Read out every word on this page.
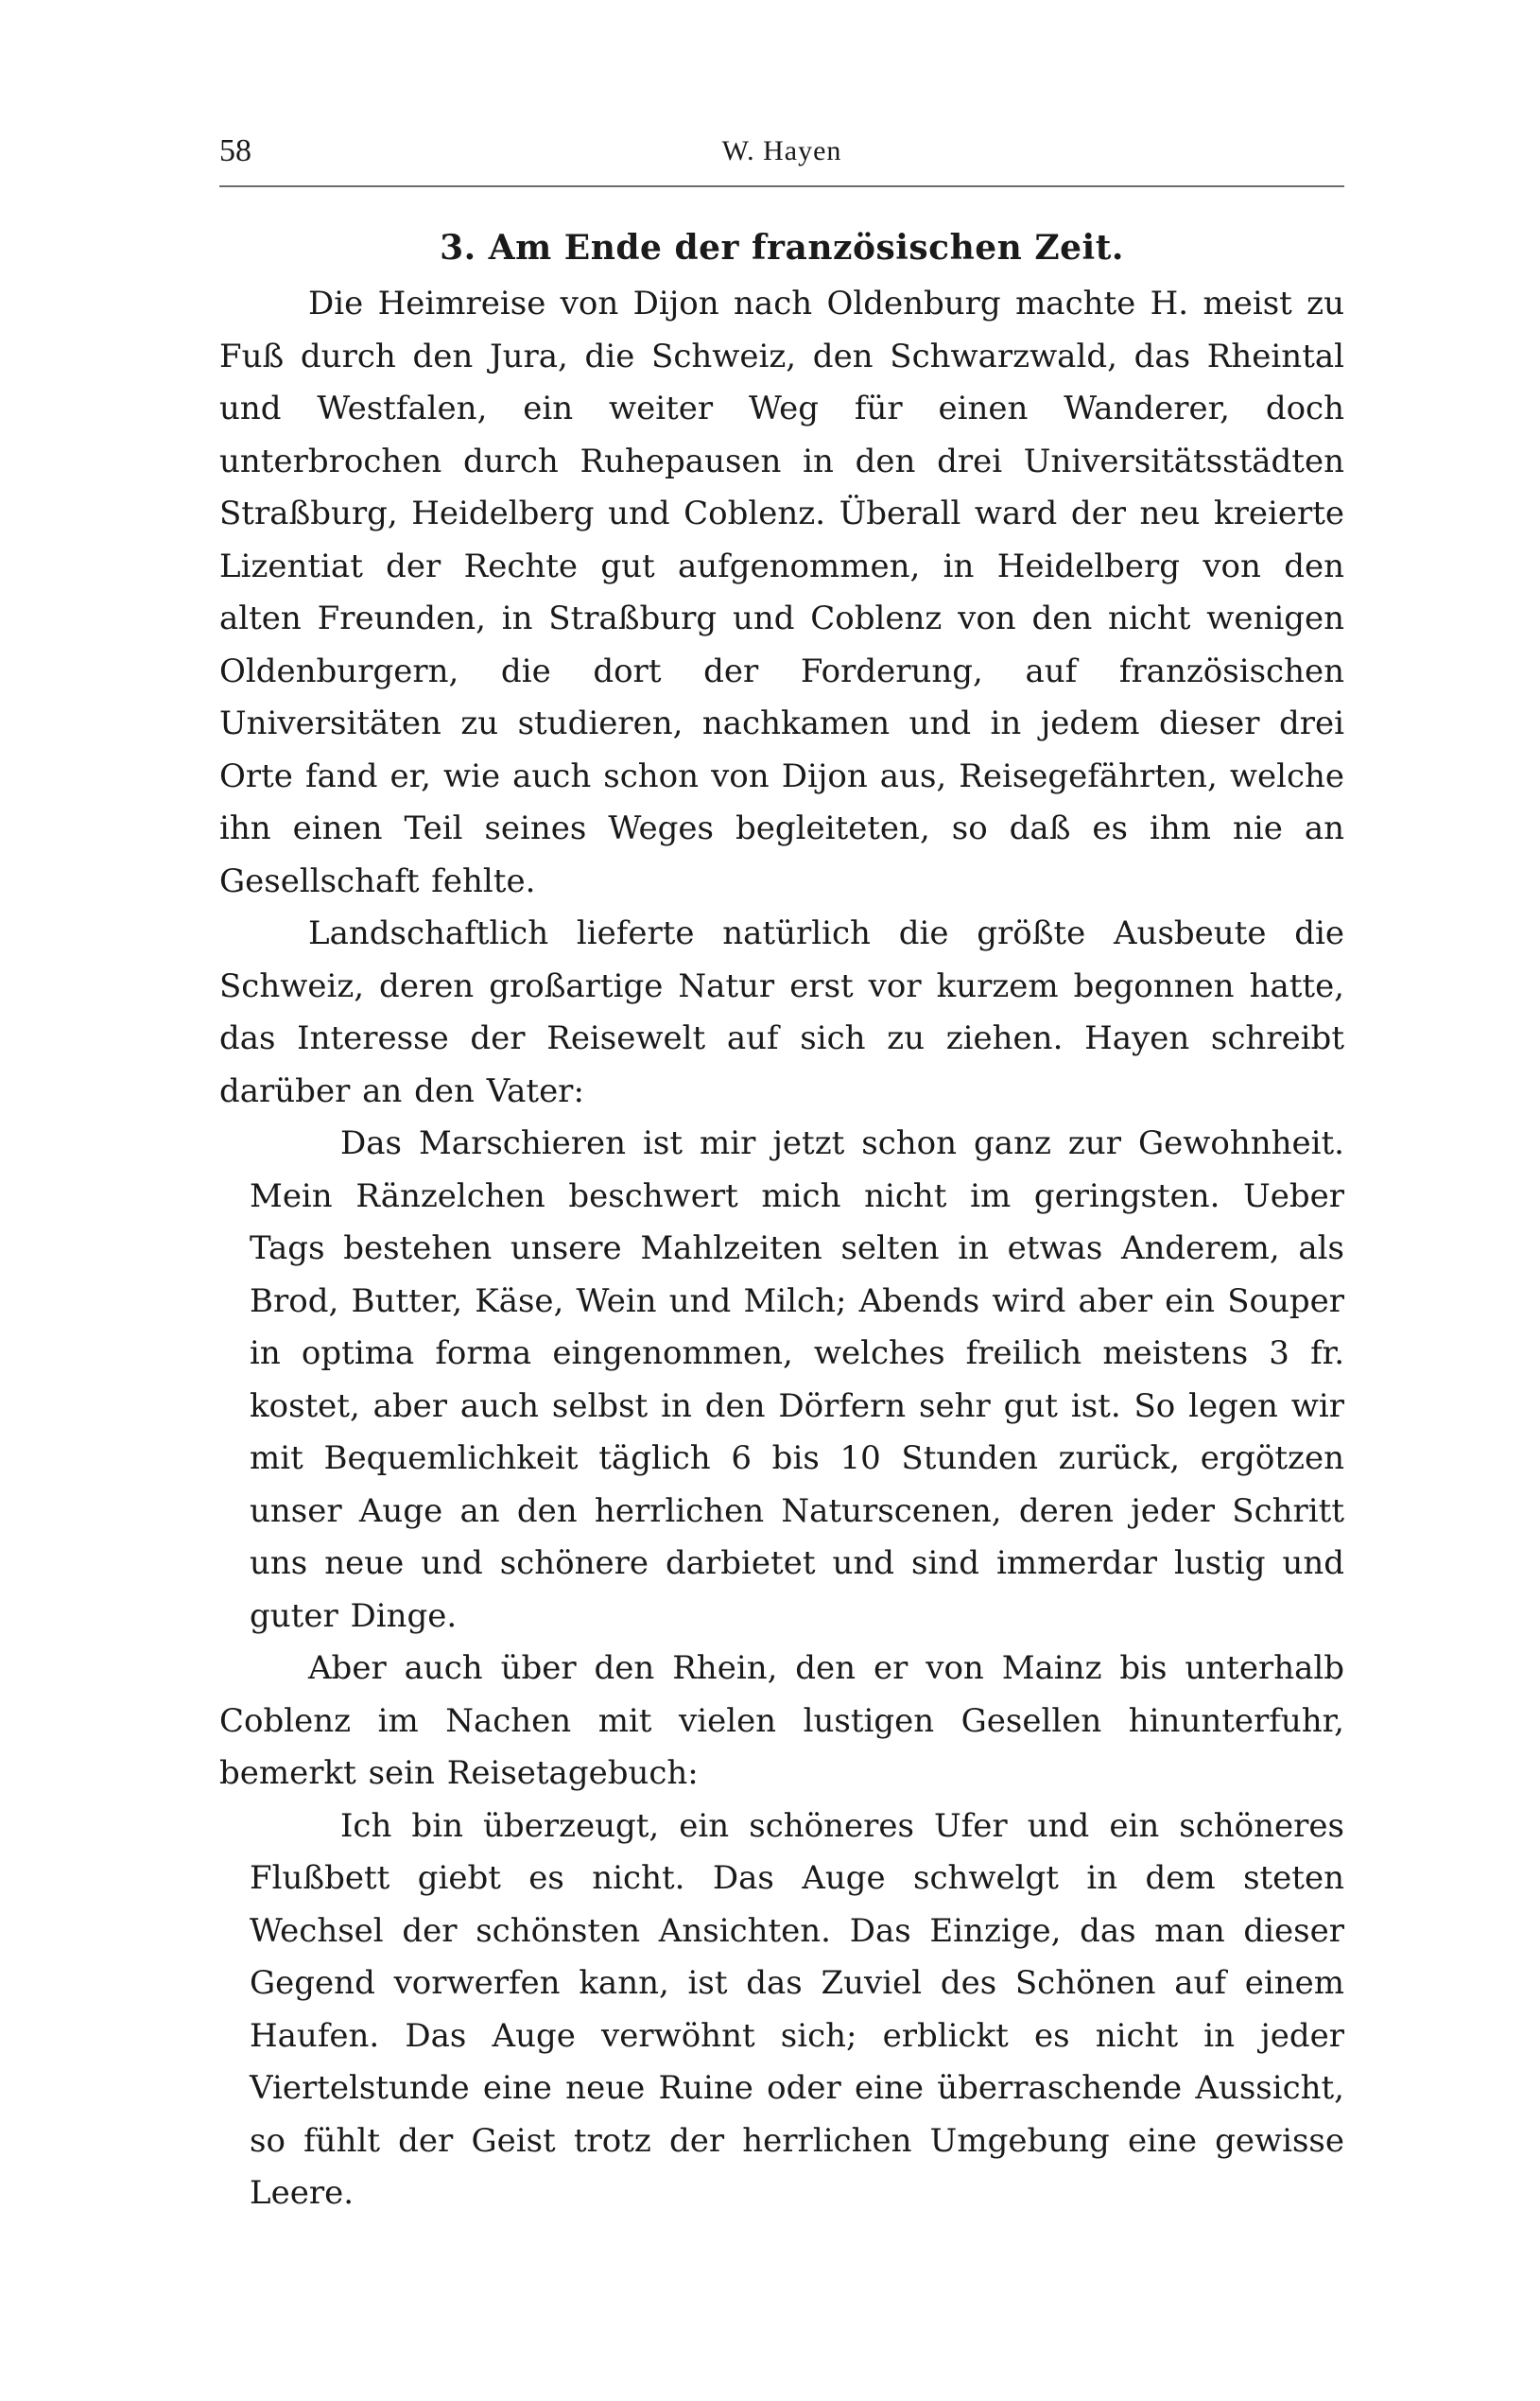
58	W. Hayen
3. Am Ende der französischen Zeit.

Die Heimreise von Dijon nach Oldenburg machte H. meist zu Fuß durch den Jura, die Schweiz, den Schwarzwald, das Rheintal und Westfalen, ein weiter Weg für einen Wanderer, doch unterbrochen durch Ruhepausen in den drei Universitätsstädten Straßburg, Heidelberg und Coblenz. Überall ward der neu kreierte Lizentiat der Rechte gut aufgenommen, in Heidelberg von den alten Freunden, in Straßburg und Coblenz von den nicht wenigen Oldenburgern, die dort der Forderung, auf französischen Universitäten zu studieren, nachkamen und in jedem dieser drei Orte fand er, wie auch schon von Dijon aus, Reisegefährten, welche ihn einen Teil seines Weges begleiteten, so daß es ihm nie an Gesellschaft fehlte.

Landschaftlich lieferte natürlich die größte Ausbeute die Schweiz, deren großartige Natur erst vor kurzem begonnen hatte, das Interesse der Reisewelt auf sich zu ziehen. Hayen schreibt darüber an den Vater:

Das Marschieren ist mir jetzt schon ganz zur Gewohnheit. Mein Ränzelchen beschwert mich nicht im geringsten. Ueber Tags bestehen unsere Mahlzeiten selten in etwas Anderem, als Brod, Butter, Käse, Wein und Milch; Abends wird aber ein Souper in optima forma eingenommen, welches freilich meistens 3 fr. kostet, aber auch selbst in den Dörfern sehr gut ist. So legen wir mit Bequemlichkeit täglich 6 bis 10 Stunden zurück, ergötzen unser Auge an den herrlichen Naturscenen, deren jeder Schritt uns neue und schönere darbietet und sind immerdar lustig und guter Dinge.

Aber auch über den Rhein, den er von Mainz bis unterhalb Coblenz im Nachen mit vielen lustigen Gesellen hinunterfuhr, bemerkt sein Reisetagebuch:

Ich bin überzeugt, ein schöneres Ufer und ein schöneres Flußbett giebt es nicht. Das Auge schwelgt in dem steten Wechsel der schönsten Ansichten. Das Einzige, das man dieser Gegend vorwerfen kann, ist das Zuviel des Schönen auf einem Haufen. Das Auge verwöhnt sich; erblickt es nicht in jeder Viertelstunde eine neue Ruine oder eine überraschende Aussicht, so fühlt der Geist trotz der herrlichen Umgebung eine gewisse Leere.
